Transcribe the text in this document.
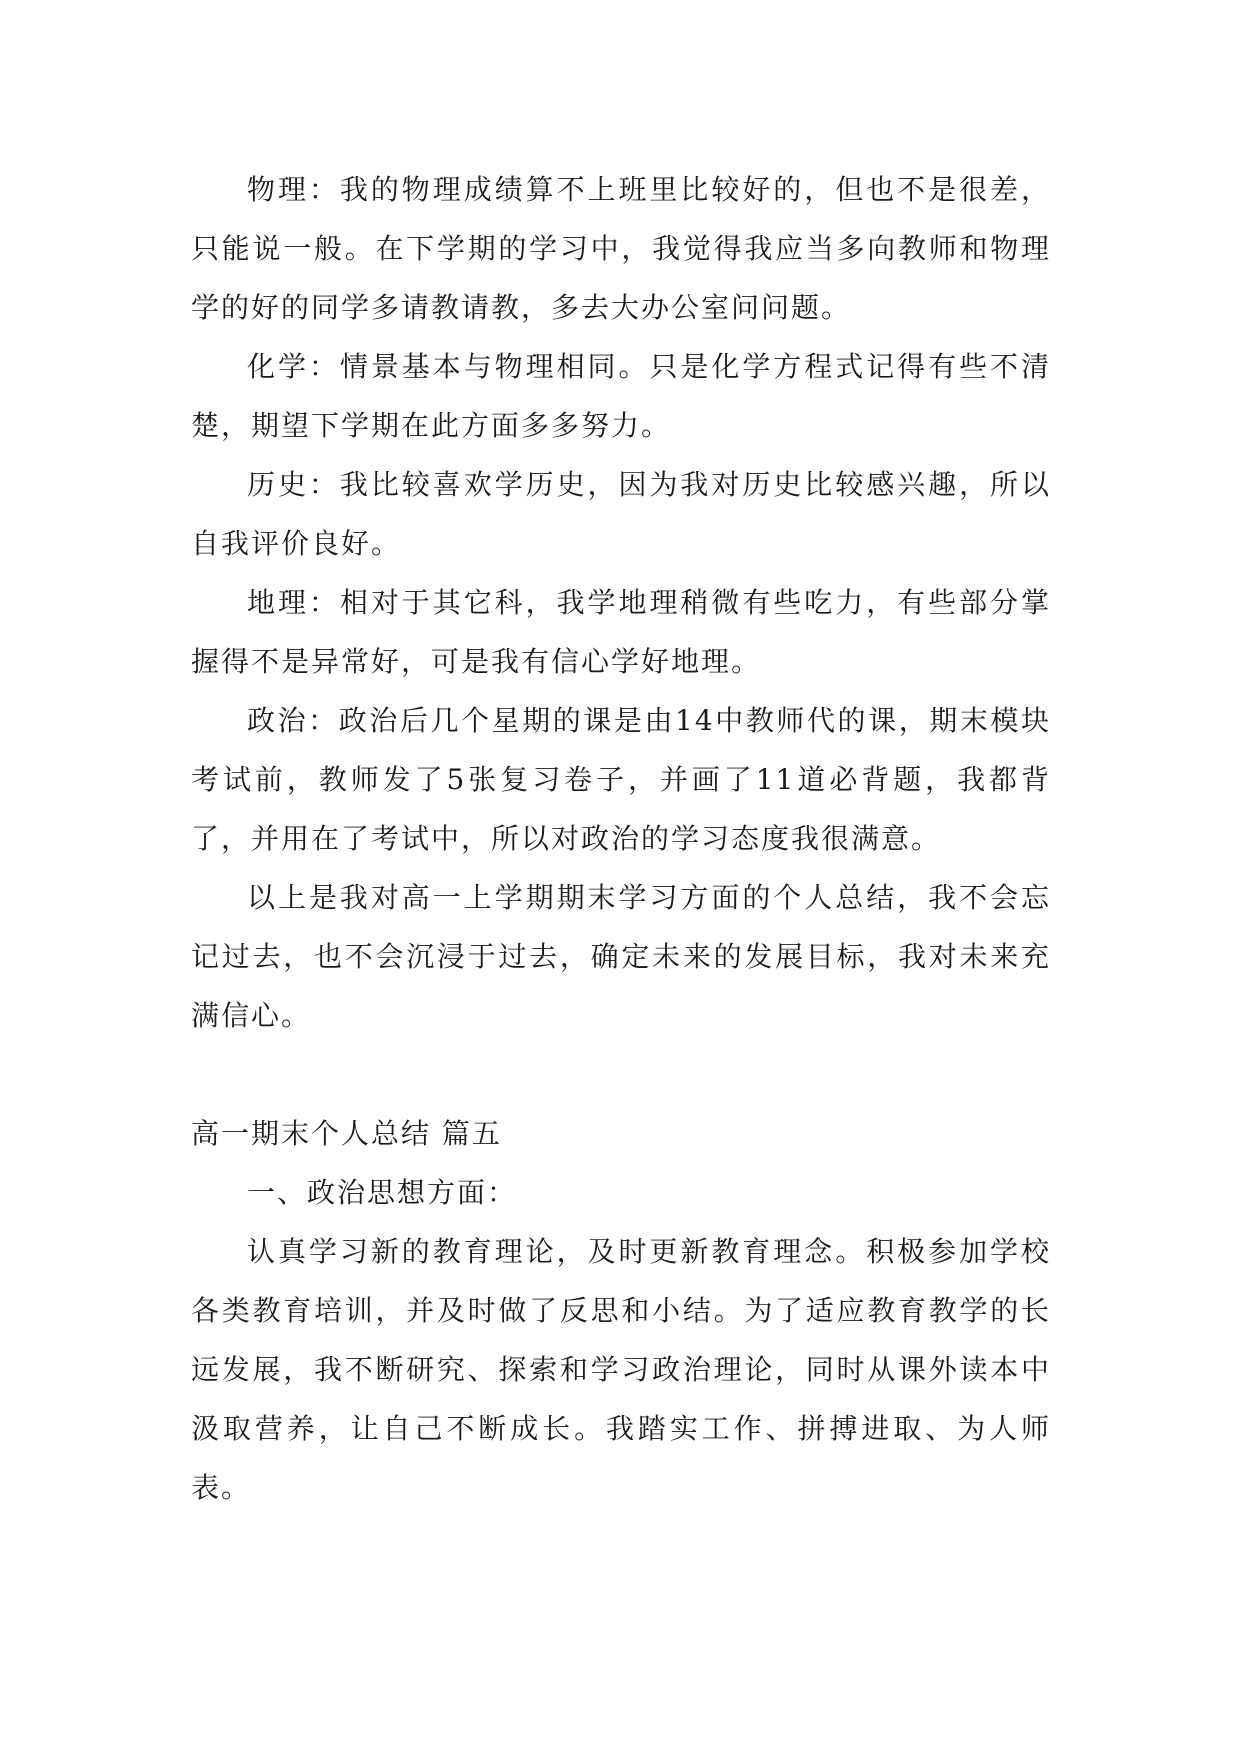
物理：我的物理成绩算不上班里比较好的，但也不是很差，只能说一般。在下学期的学习中，我觉得我应当多向教师和物理学的好的同学多请教请教，多去大办公室问问题。

化学：情景基本与物理相同。只是化学方程式记得有些不清楚，期望下学期在此方面多多努力。

历史：我比较喜欢学历史，因为我对历史比较感兴趣，所以自我评价良好。

地理：相对于其它科，我学地理稍微有些吃力，有些部分掌握得不是异常好，可是我有信心学好地理。

政治：政治后几个星期的课是由14中教师代的课，期末模块考试前，教师发了5张复习卷子，并画了11道必背题，我都背了，并用在了考试中，所以对政治的学习态度我很满意。

以上是我对高一上学期期末学习方面的个人总结，我不会忘记过去，也不会沉浸于过去，确定未来的发展目标，我对未来充满信心。

高一期末个人总结 篇五

一、政治思想方面：

认真学习新的教育理论，及时更新教育理念。积极参加学校各类教育培训，并及时做了反思和小结。为了适应教育教学的长远发展，我不断研究、探索和学习政治理论，同时从课外读本中汲取营养，让自己不断成长。我踏实工作、拼搏进取、为人师表。
